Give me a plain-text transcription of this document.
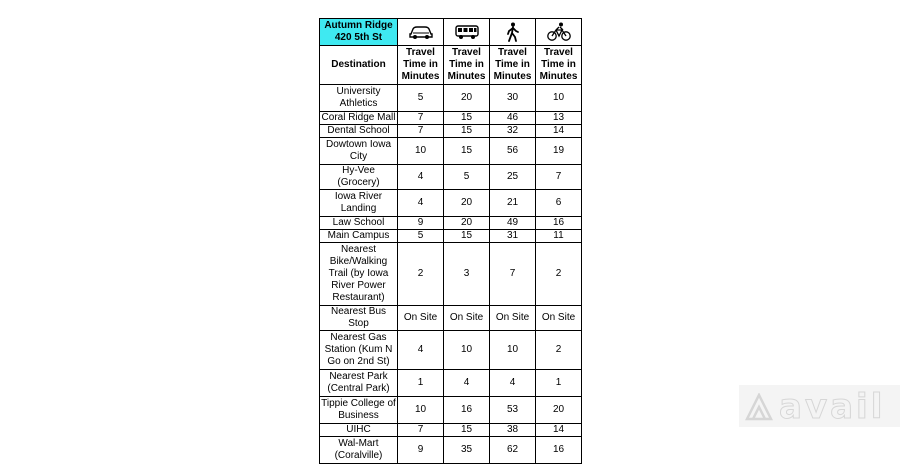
Autumn Ridge
420 5th St

Destination	Travel Time in Minutes	Travel Time in Minutes	Travel Time in Minutes	Travel Time in Minutes
University Athletics	5	20	30	10
Coral Ridge Mall	7	15	46	13
Dental School	7	15	32	14
Dowtown Iowa City	10	15	56	19
Hy-Vee (Grocery)	4	5	25	7
Iowa River Landing	4	20	21	6
Law School	9	20	49	16
Main Campus	5	15	31	11
Nearest Bike/Walking Trail (by Iowa River Power Restaurant)	2	3	7	2
Nearest Bus Stop	On Site	On Site	On Site	On Site
Nearest Gas Station (Kum N Go on 2nd St)	4	10	10	2
Nearest Park (Central Park)	1	4	4	1
Tippie College of Business	10	16	53	20
UIHC	7	15	38	14
Wal-Mart (Coralville)	9	35	62	16
avail
